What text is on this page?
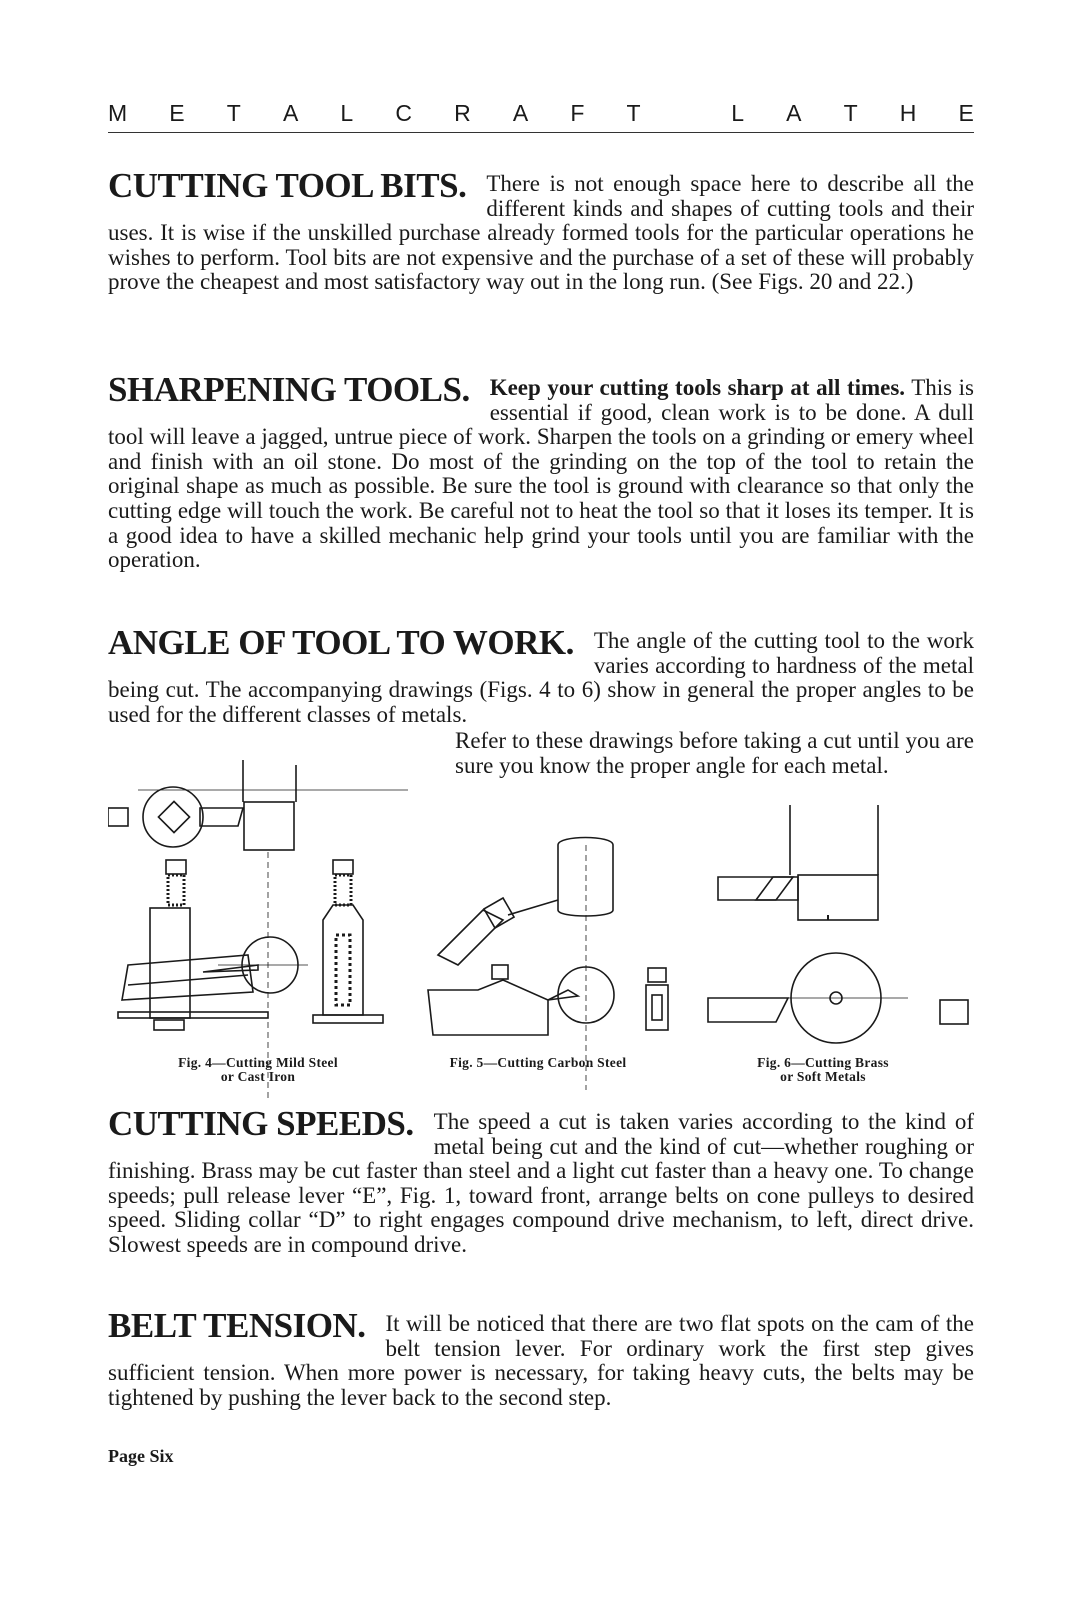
M E T A L C R A F T
	L A T H E
CUTTING TOOL BITS. There is not enough space here to describe all the different kinds and shapes of cutting tools and their uses. It is wise if the unskilled purchase already formed tools for the particular operations he wishes to perform. Tool bits are not expensive and the purchase of a set of these will probably prove the cheapest and most satisfactory way out in the long run. (See Figs. 20 and 22.)
SHARPENING TOOLS. Keep your cutting tools sharp at all times. This is essential if good, clean work is to be done. A dull tool will leave a jagged, untrue piece of work. Sharpen the tools on a grinding or emery wheel and finish with an oil stone. Do most of the grinding on the top of the tool to retain the original shape as much as possible. Be sure the tool is ground with clearance so that only the cutting edge will touch the work. Be careful not to heat the tool so that it loses its temper. It is a good idea to have a skilled mechanic help grind your tools until you are familiar with the operation.
ANGLE OF TOOL TO WORK. The angle of the cutting tool to the work varies according to hardness of the metal being cut. The accompanying drawings (Figs. 4 to 6) show in general the proper angles to be used for the different classes of metals.
Refer to these drawings before taking a cut until you are sure you know the proper angle for each metal.
Fig. 4—Cutting Mild Steel
or Cast Iron
Fig. 5—Cutting Carbon Steel	Fig. 6—Cutting Brass
or Soft Metals
CUTTING SPEEDS. The speed a cut is taken varies according to the kind of metal being cut and the kind of cut—whether roughing or finishing. Brass may be cut faster than steel and a light cut faster than a heavy one. To change speeds; pull release lever “E”, Fig. 1, toward front, arrange belts on cone pulleys to desired speed. Sliding collar “D” to right engages compound drive mechanism, to left, direct drive. Slowest speeds are in compound drive.
BELT TENSION. It will be noticed that there are two flat spots on the cam of the belt tension lever. For ordinary work the first step gives sufficient tension. When more power is necessary, for taking heavy cuts, the belts may be tightened by pushing the lever back to the second step.
Page Six
